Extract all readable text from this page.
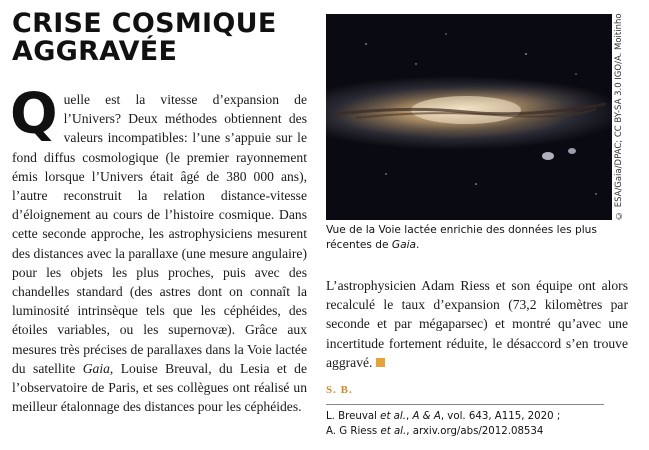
CRISE COSMIQUE
AGGRAVÉE
Quelle est la vitesse d’expansion de l’Univers? Deux méthodes obtiennent des valeurs incompatibles: l’une s’appuie sur le fond diffus cosmologique (le premier rayonnement émis lorsque l’Univers était âgé de 380 000 ans), l’autre reconstruit la relation distance-vitesse d’éloignement au cours de l’histoire cosmique. Dans cette seconde approche, les astrophysiciens mesurent des distances avec la parallaxe (une mesure angulaire) pour les objets les plus proches, puis avec des chandelles standard (des astres dont on connaît la luminosité intrinsèque tels que les céphéides, des étoiles variables, ou les supernovæ). Grâce aux mesures très précises de parallaxes dans la Voie lactée du satellite Gaia, Louise Breuval, du Lesia et de l’observatoire de Paris, et ses collègues ont réalisé un meilleur étalonnage des distances pour les céphéides.
© ESA/Gaia/DPAC; CC BY-SA 3.0 IGO/A. Moitinho
Vue de la Voie lactée enrichie des données les plus récentes de Gaia.
L’astrophysicien Adam Riess et son équipe ont alors recalculé le taux d’expansion (73,2 kilomètres par seconde et par mégaparsec) et montré qu’avec une incertitude fortement réduite, le désaccord s’en trouve aggravé.
S. B.
L. Breuval et al., A & A, vol. 643, A115, 2020 ;
A. G Riess et al., arxiv.org/abs/2012.08534
